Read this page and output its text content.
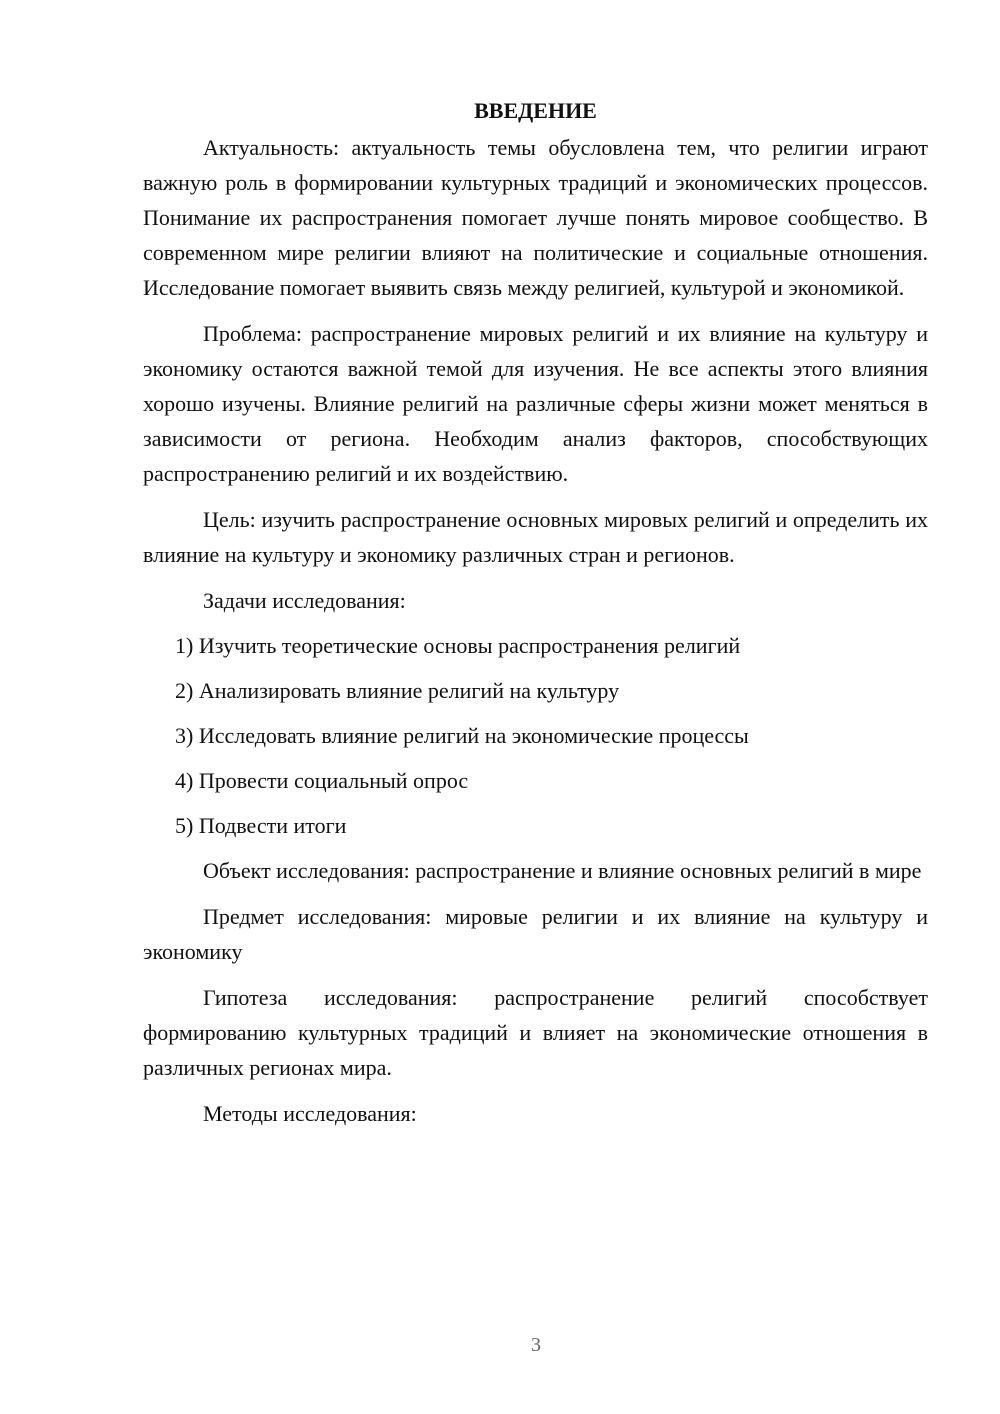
ВВЕДЕНИЕ

Актуальность: актуальность темы обусловлена тем, что религии играют важную роль в формировании культурных традиций и экономических процессов. Понимание их распространения помогает лучше понять мировое сообщество. В современном мире религии влияют на политические и социальные отношения. Исследование помогает выявить связь между религией, культурой и экономикой.

Проблема: распространение мировых религий и их влияние на культуру и экономику остаются важной темой для изучения. Не все аспекты этого влияния хорошо изучены. Влияние религий на различные сферы жизни может меняться в зависимости от региона. Необходим анализ факторов, способствующих распространению религий и их воздействию.

Цель: изучить распространение основных мировых религий и определить их влияние на культуру и экономику различных стран и регионов.

Задачи исследования:

1) Изучить теоретические основы распространения религий
2) Анализировать влияние религий на культуру
3) Исследовать влияние религий на экономические процессы
4) Провести социальный опрос
5) Подвести итоги

Объект исследования: распространение и влияние основных религий в мире

Предмет исследования: мировые религии и их влияние на культуру и экономику

Гипотеза исследования: распространение религий способствует формированию культурных традиций и влияет на экономические отношения в различных регионах мира.

Методы исследования:

3
